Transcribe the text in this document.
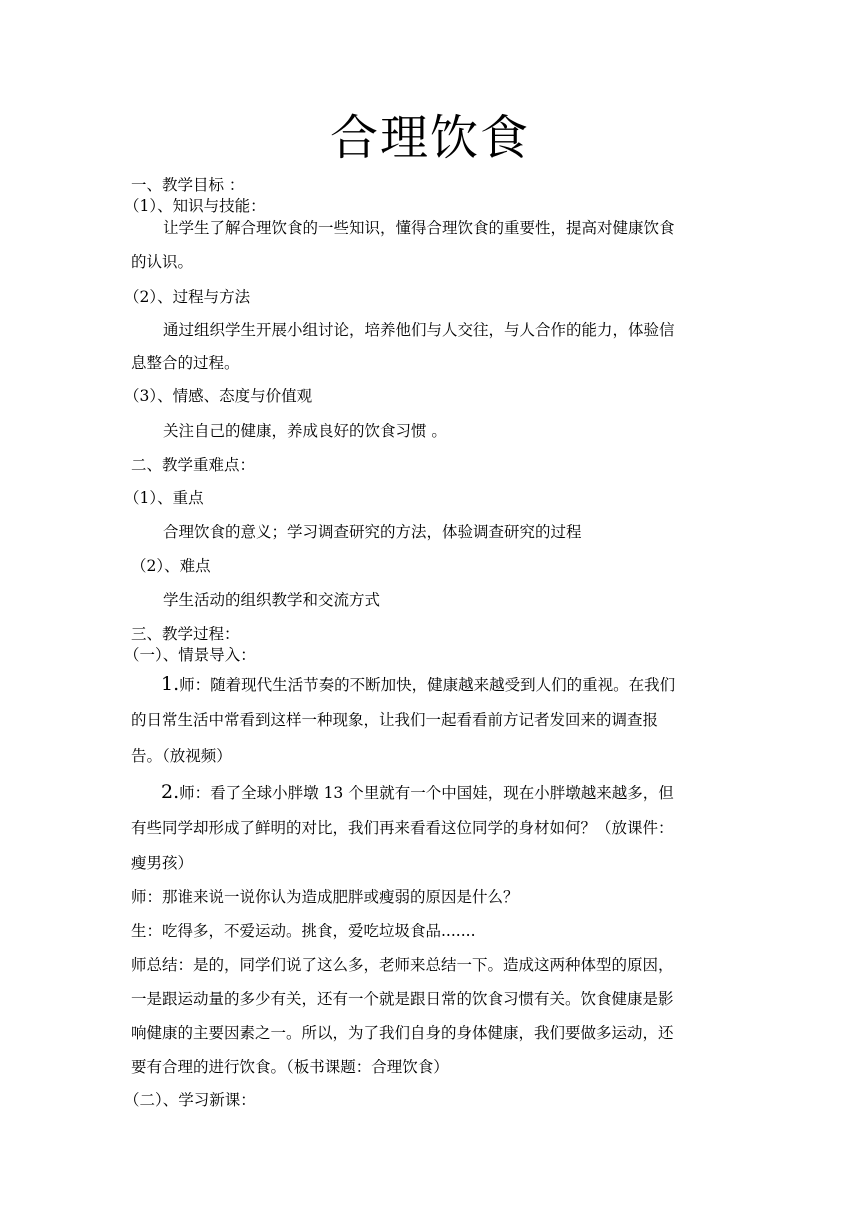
合理饮食
一、教学目标 ：
（1）、知识与技能：
让学生了解合理饮食的一些知识，懂得合理饮食的重要性，提高对健康饮食
的认识。
（2）、过程与方法
通过组织学生开展小组讨论，培养他们与人交往，与人合作的能力，体验信
息整合的过程。
（3）、情感、态度与价值观
关注自己的健康，养成良好的饮食习惯 。
二、教学重难点：
（1）、重点
合理饮食的意义；学习调查研究的方法，体验调查研究的过程
（2）、难点
学生活动的组织教学和交流方式
三、教学过程：
（一）、情景导入：
1.师：随着现代生活节奏的不断加快，健康越来越受到人们的重视。在我们
的日常生活中常看到这样一种现象，让我们一起看看前方记者发回来的调查报
告。（放视频）
2.师：看了全球小胖墩 13 个里就有一个中国娃，现在小胖墩越来越多，但
有些同学却形成了鲜明的对比，我们再来看看这位同学的身材如何？（放课件：
瘦男孩）
师：那谁来说一说你认为造成肥胖或瘦弱的原因是什么？
生：吃得多，不爱运动。挑食，爱吃垃圾食品.......
师总结：是的，同学们说了这么多，老师来总结一下。造成这两种体型的原因，
一是跟运动量的多少有关，还有一个就是跟日常的饮食习惯有关。饮食健康是影
响健康的主要因素之一。所以，为了我们自身的身体健康，我们要做多运动，还
要有合理的进行饮食。（板书课题：合理饮食）
（二）、学习新课：
